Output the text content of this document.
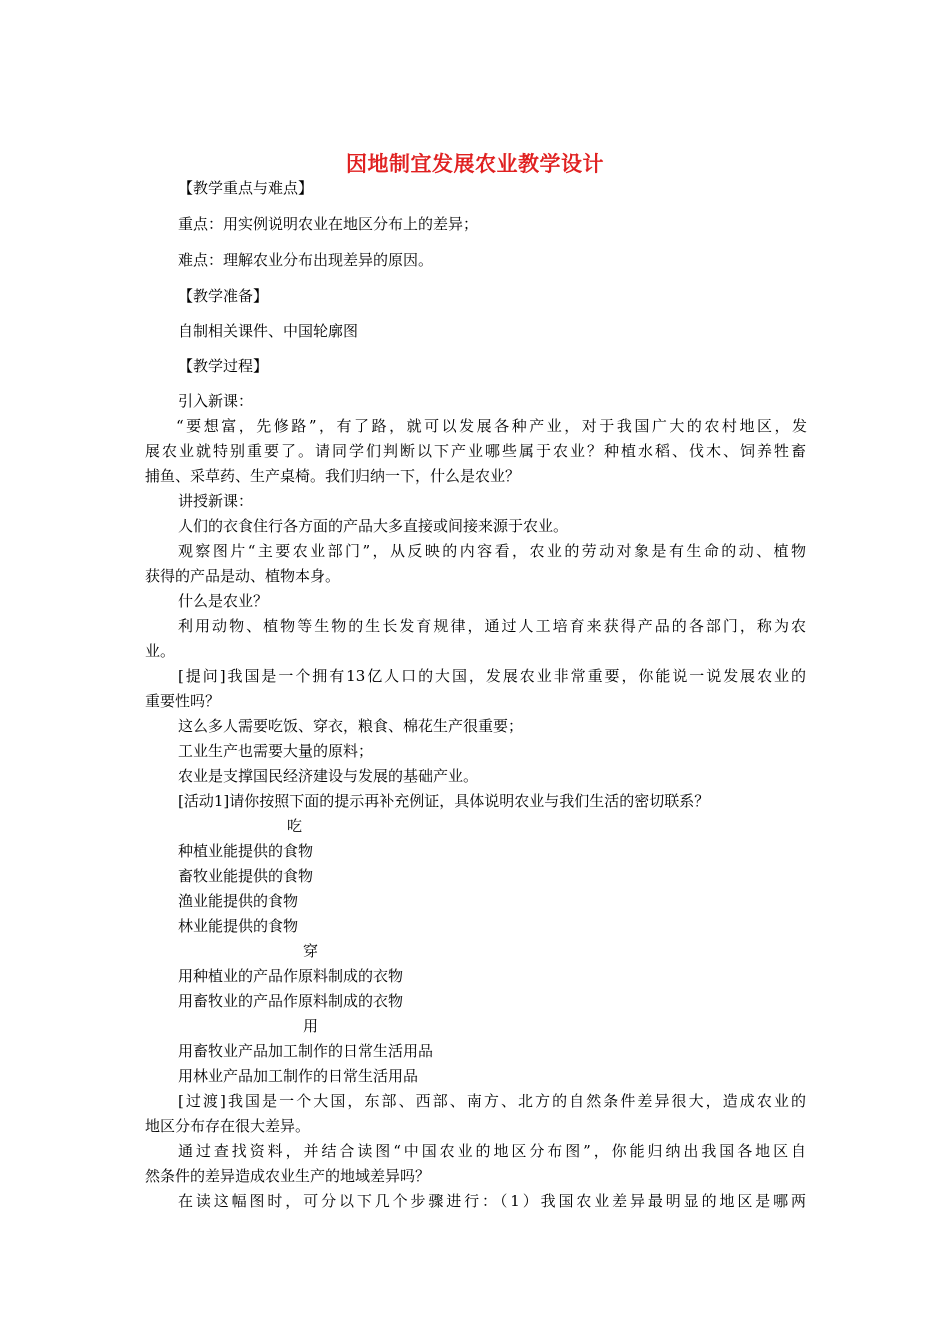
因地制宜发展农业教学设计
【教学重点与难点】
重点：用实例说明农业在地区分布上的差异；
难点：理解农业分布出现差异的原因。
【教学准备】
自制相关课件、中国轮廓图
【教学过程】
引入新课：
“要想富，先修路”，有了路，就可以发展各种产业，对于我国广大的农村地区，发
展农业就特别重要了。请同学们判断以下产业哪些属于农业？种植水稻、伐木、饲养牲畜
捕鱼、采草药、生产桌椅。我们归纳一下，什么是农业？
讲授新课：
人们的衣食住行各方面的产品大多直接或间接来源于农业。
观察图片“主要农业部门”，从反映的内容看，农业的劳动对象是有生命的动、植物
获得的产品是动、植物本身。
什么是农业？
利用动物、植物等生物的生长发育规律，通过人工培育来获得产品的各部门，称为农
业。
[提问]我国是一个拥有13亿人口的大国，发展农业非常重要，你能说一说发展农业的
重要性吗？
这么多人需要吃饭、穿衣，粮食、棉花生产很重要；
工业生产也需要大量的原料；
农业是支撑国民经济建设与发展的基础产业。
[活动1]请你按照下面的提示再补充例证，具体说明农业与我们生活的密切联系？
吃
种植业能提供的食物
畜牧业能提供的食物
渔业能提供的食物
林业能提供的食物
穿
用种植业的产品作原料制成的衣物
用畜牧业的产品作原料制成的衣物
用
用畜牧业产品加工制作的日常生活用品
用林业产品加工制作的日常生活用品
[过渡]我国是一个大国，东部、西部、南方、北方的自然条件差异很大，造成农业的
地区分布存在很大差异。
通过查找资料，并结合读图“中国农业的地区分布图”，你能归纳出我国各地区自
然条件的差异造成农业生产的地域差异吗？
在读这幅图时，可分以下几个步骤进行：（1）我国农业差异最明显的地区是哪两
